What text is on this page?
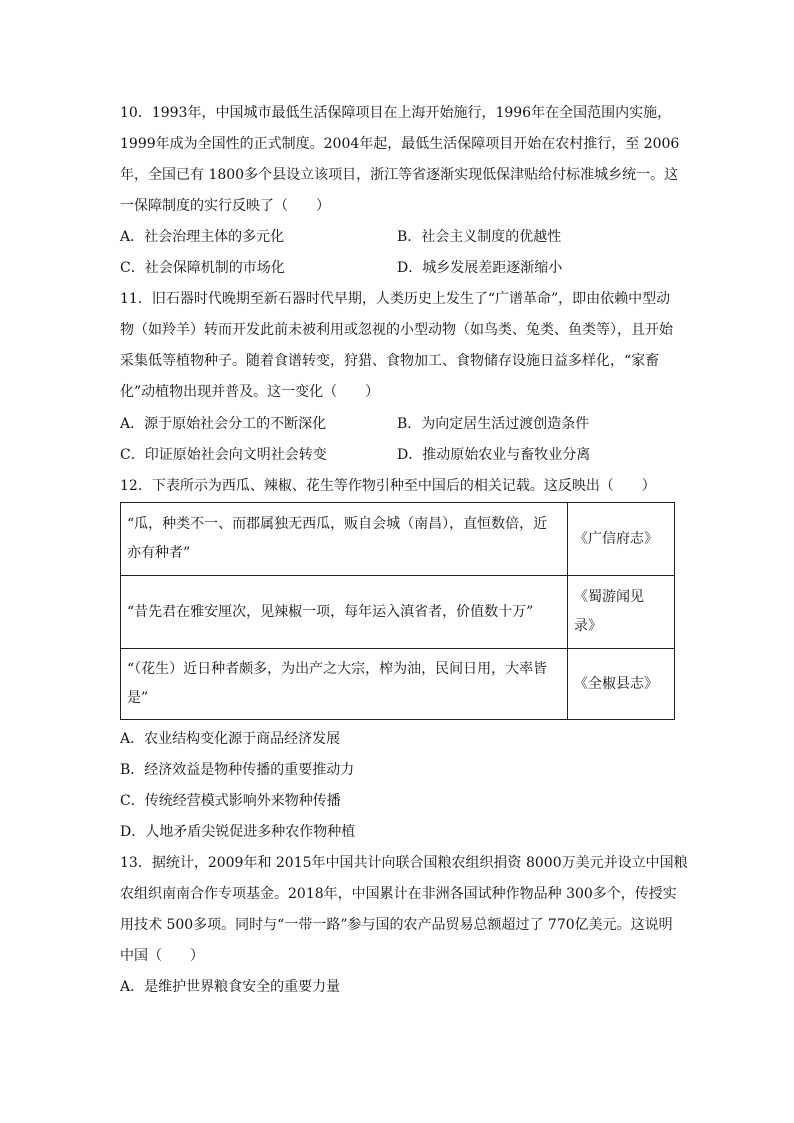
10．1993年，中国城市最低生活保障项目在上海开始施行，1996年在全国范围内实施，
1999年成为全国性的正式制度。2004年起，最低生活保障项目开始在农村推行，至 2006
年，全国已有 1800多个县设立该项目，浙江等省逐渐实现低保津贴给付标准城乡统一。这
一保障制度的实行反映了（　　）
A．社会治理主体的多元化	B．社会主义制度的优越性
C．社会保障机制的市场化	D．城乡发展差距逐渐缩小
11．旧石器时代晚期至新石器时代早期，人类历史上发生了“广谱革命”，即由依赖中型动
物（如羚羊）转而开发此前未被利用或忽视的小型动物（如鸟类、兔类、鱼类等），且开始
采集低等植物种子。随着食谱转变，狩猎、食物加工、食物储存设施日益多样化，“家畜
化”动植物出现并普及。这一变化（　　）
A．源于原始社会分工的不断深化	B．为向定居生活过渡创造条件
C．印证原始社会向文明社会转变	D．推动原始农业与畜牧业分离
12．下表所示为西瓜、辣椒、花生等作物引种至中国后的相关记载。这反映出（　　）
“瓜，种类不一、而郡属独无西瓜，贩自会城（南昌），直恒数倍，近
亦有种者”	《广信府志》

“昔先君在雅安厘次，见辣椒一项，每年运入滇省者，价值数十万”	《蜀游闻见
录》

“（花生）近日种者颇多，为出产之大宗，榨为油，民间日用，大率皆
是”	《全椒县志》
A．农业结构变化源于商品经济发展
B．经济效益是物种传播的重要推动力
C．传统经营模式影响外来物种传播
D．人地矛盾尖锐促进多种农作物种植
13．据统计，2009年和 2015年中国共计向联合国粮农组织捐资 8000万美元并设立中国粮
农组织南南合作专项基金。2018年，中国累计在非洲各国试种作物品种 300多个，传授实
用技术 500多项。同时与“一带一路”参与国的农产品贸易总额超过了 770亿美元。这说明
中国（　　）
A．是维护世界粮食安全的重要力量
